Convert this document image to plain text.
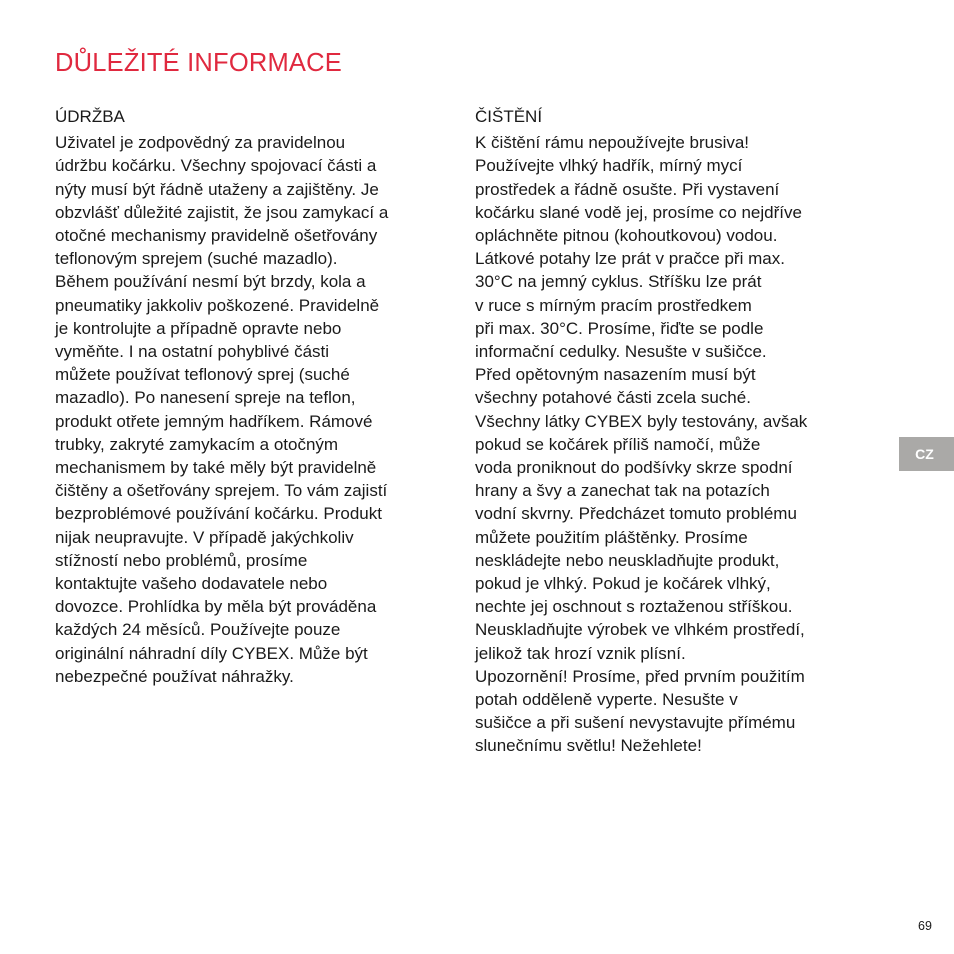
DŮLEŽITÉ INFORMACE
ÚDRŽBA
Uživatel je zodpovědný za pravidelnou
údržbu kočárku. Všechny spojovací části a
nýty musí být řádně utaženy a zajištěny. Je
obzvlášť důležité zajistit, že jsou zamykací a
otočné mechanismy pravidelně ošetřovány
teflonovým sprejem (suché mazadlo).
Během používání nesmí být brzdy, kola a
pneumatiky jakkoliv poškozené. Pravidelně
je kontrolujte a případně opravte nebo
vyměňte. I na ostatní pohyblivé části
můžete používat teflonový sprej (suché
mazadlo). Po nanesení spreje na teflon,
produkt otřete jemným hadříkem. Rámové
trubky, zakryté zamykacím a otočným
mechanismem by také měly být pravidelně
čištěny a ošetřovány sprejem. To vám zajistí
bezproblémové používání kočárku. Produkt
nijak neupravujte. V případě jakýchkoliv
stížností nebo problémů, prosíme
kontaktujte vašeho dodavatele nebo
dovozce. Prohlídka by měla být prováděna
každých 24 měsíců. Používejte pouze
originální náhradní díly CYBEX. Může být
nebezpečné používat náhražky.
ČIŠTĚNÍ
K čištění rámu nepoužívejte brusiva!
Používejte vlhký hadřík, mírný mycí
prostředek a řádně osušte. Při vystavení
kočárku slané vodě jej, prosíme co nejdříve
opláchněte pitnou (kohoutkovou) vodou.
Látkové potahy lze prát v pračce při max.
30°C na jemný cyklus. Stříšku lze prát
v ruce s mírným pracím prostředkem
při max. 30°C. Prosíme, řiďte se podle
informační cedulky. Nesušte v sušičce.
Před opětovným nasazením musí být
všechny potahové části zcela suché.
Všechny látky CYBEX byly testovány, avšak
pokud se kočárek příliš namočí, může
voda proniknout do podšívky skrze spodní
hrany a švy a zanechat tak na potazích
vodní skvrny. Předcházet tomuto problému
můžete použitím pláštěnky. Prosíme
neskládejte nebo neuskladňujte produkt,
pokud je vlhký. Pokud je kočárek vlhký,
nechte jej oschnout s roztaženou stříškou.
Neuskladňujte výrobek ve vlhkém prostředí,
jelikož tak hrozí vznik plísní.
Upozornění! Prosíme, před prvním použitím
potah odděleně vyperte. Nesušte v
sušičce a při sušení nevystavujte přímému
slunečnímu světlu! Nežehlete!
CZ
69
